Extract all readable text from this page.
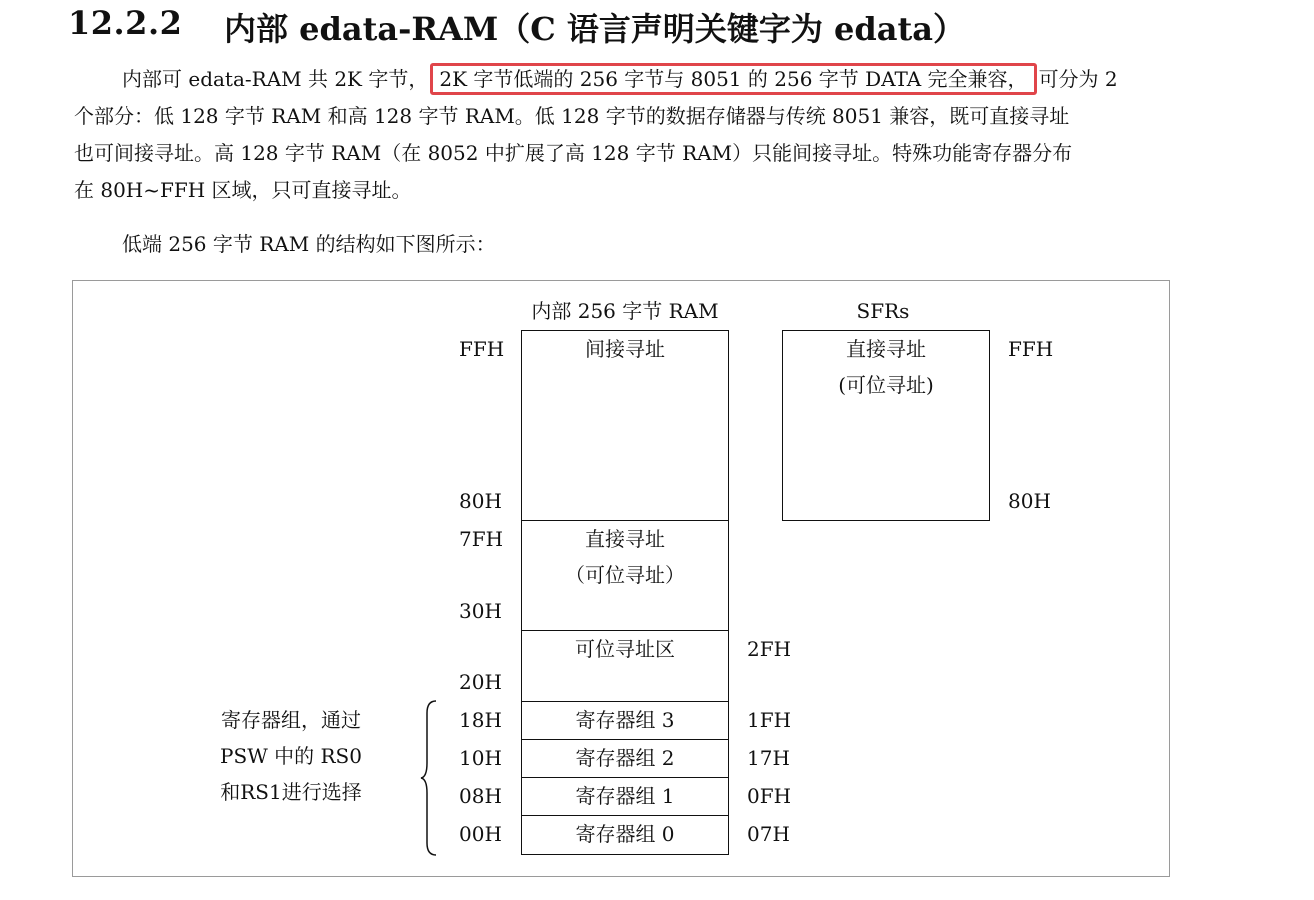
12.2.2 内部 edata-RAM（C 语言声明关键字为 edata）
内部可 edata-RAM 共 2K 字节， 2K 字节低端的 256 字节与 8051 的 256 字节 DATA 完全兼容， 可分为 2
个部分：低 128 字节 RAM 和高 128 字节 RAM。低 128 字节的数据存储器与传统 8051 兼容，既可直接寻址
也可间接寻址。高 128 字节 RAM（在 8052 中扩展了高 128 字节 RAM）只能间接寻址。特殊功能寄存器分布
在 80H~FFH 区域，只可直接寻址。
低端 256 字节 RAM 的结构如下图所示：
内部 256 字节 RAM	SFRs
间接寻址
直接寻址
（可位寻址）
可位寻址区
寄存器组 3
寄存器组 2
寄存器组 1
寄存器组 0
FFH
80H
7FH
30H
20H
18H
10H
08H
00H
2FH
1FH
17H
0FH
07H
直接寻址
(可位寻址)
FFH
80H
寄存器组，通过
PSW 中的 RS0
和RS1进行选择
